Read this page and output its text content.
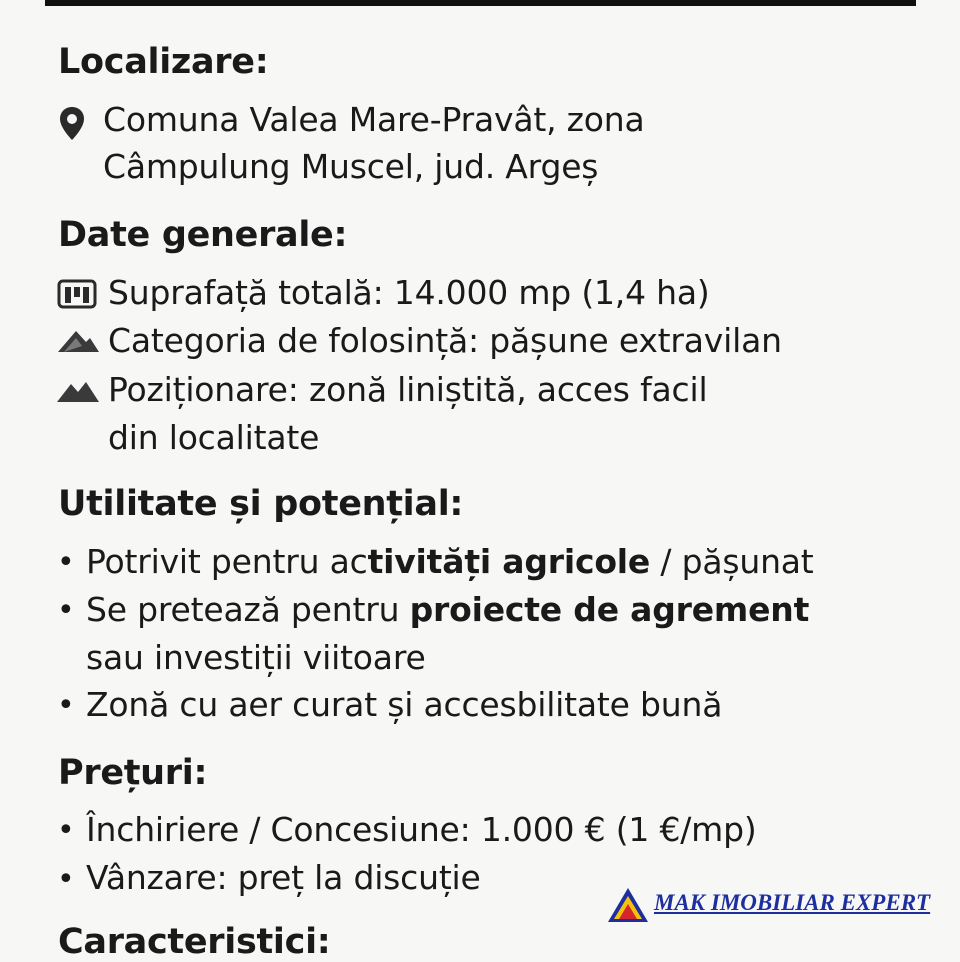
Localizare:
Comuna Valea Mare-Pravât, zona
Câmpulung Muscel, jud. Argeș
Date generale:
Suprafață totală: 14.000 mp (1,4 ha)
Categoria de folosință: pășune extravilan
Poziționare: zonă liniștită, acces facil
din localitate
Utilitate și potențial:
• Potrivit pentru activități agricole / pășunat
• Se pretează pentru proiecte de agrement
sau investiții viitoare
• Zonă cu aer curat și accesbilitate bună
Prețuri:
• Închiriere / Concesiune: 1.000 € (1 €/mp)
• Vânzare: preț la discuție
Caracteristici:
MAK IMOBILIAR EXPERT
